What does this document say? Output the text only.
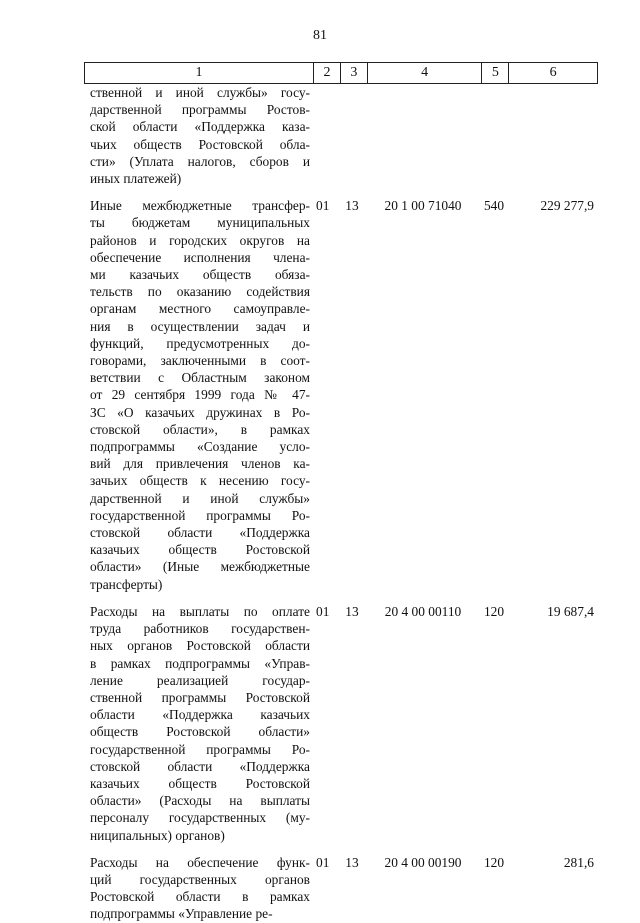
81
1	2	3	4	5	6
ственной и иной службы» госу-
дарственной программы Ростов-
ской области «Поддержка каза-
чьих обществ Ростовской обла-
сти» (Уплата налогов, сборов и
иных платежей)
Иные межбюджетные трансфер-
ты бюджетам муниципальных
районов и городских округов на
обеспечение исполнения члена-
ми казачьих обществ обяза-
тельств по оказанию содействия
органам местного самоуправле-
ния в осуществлении задач и
функций, предусмотренных до-
говорами, заключенными в соот-
ветствии с Областным законом
от 29 сентября 1999 года № 47-
ЗС «О казачьих дружинах в Ро-
стовской области», в рамках
подпрограммы «Создание усло-
вий для привлечения членов ка-
зачьих обществ к несению госу-
дарственной и иной службы»
государственной программы Ро-
стовской области «Поддержка
казачьих обществ Ростовской
области» (Иные межбюджетные
трансферты)
01	13	20 1 00 71040	540	229 277,9
Расходы на выплаты по оплате
труда работников государствен-
ных органов Ростовской области
в рамках подпрограммы «Управ-
ление реализацией государ-
ственной программы Ростовской
области «Поддержка казачьих
обществ Ростовской области»
государственной программы Ро-
стовской области «Поддержка
казачьих обществ Ростовской
области» (Расходы на выплаты
персоналу государственных (му-
ниципальных) органов)
01	13	20 4 00 00110	120	19 687,4
Расходы на обеспечение функ-
ций государственных органов
Ростовской области в рамках
подпрограммы «Управление ре-
01	13	20 4 00 00190	120	281,6
